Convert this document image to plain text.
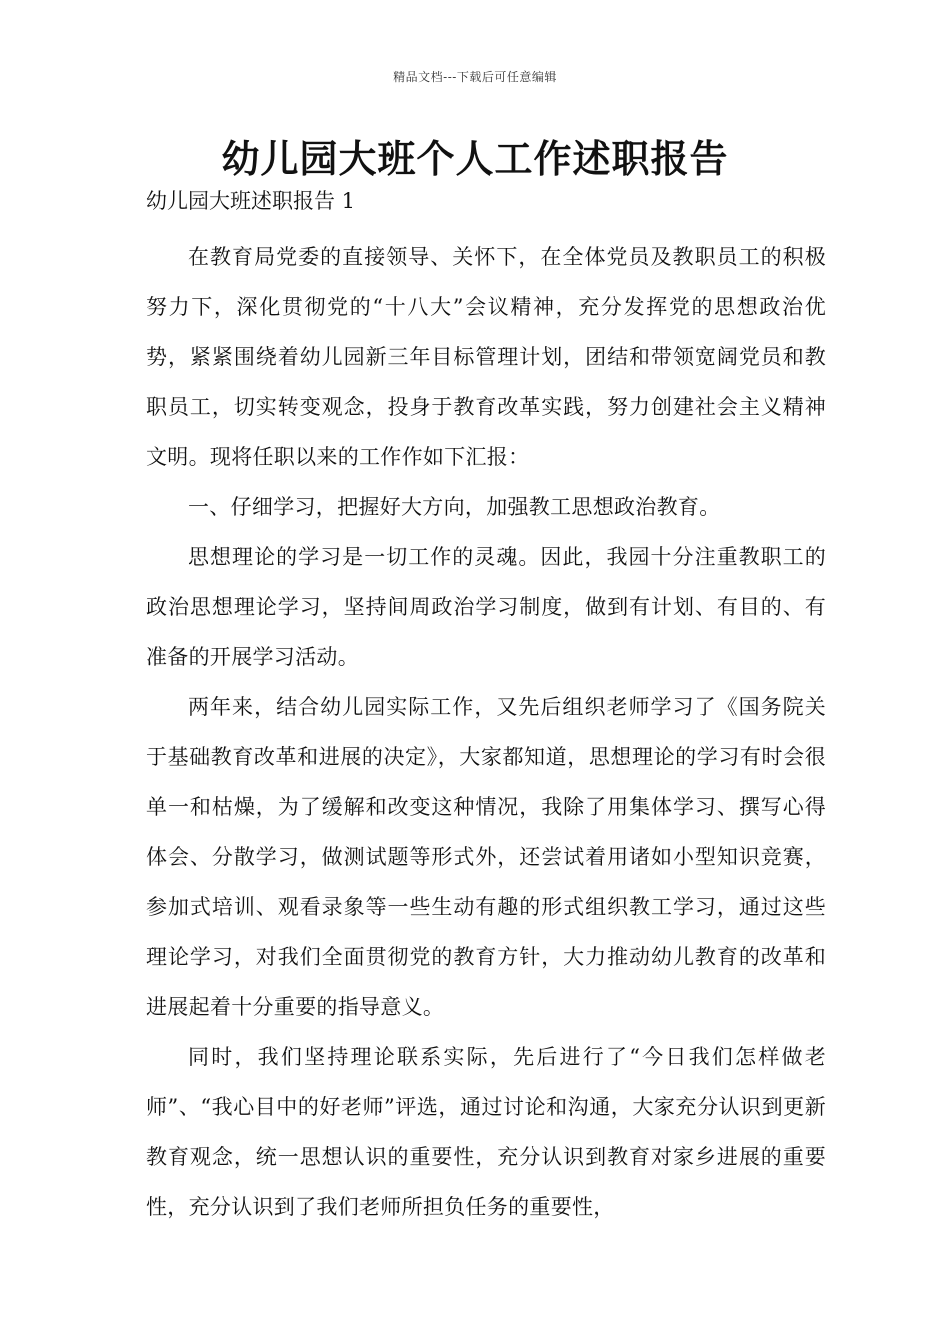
精品文档---下载后可任意编辑
幼儿园大班个人工作述职报告

幼儿园大班述职报告 1

在教育局党委的直接领导、关怀下，在全体党员及教职员工的积极努力下，深化贯彻党的“十八大”会议精神，充分发挥党的思想政治优势，紧紧围绕着幼儿园新三年目标管理计划，团结和带领宽阔党员和教职员工，切实转变观念，投身于教育改革实践，努力创建社会主义精神文明。现将任职以来的工作作如下汇报：

一、仔细学习，把握好大方向，加强教工思想政治教育。

思想理论的学习是一切工作的灵魂。因此，我园十分注重教职工的政治思想理论学习，坚持间周政治学习制度，做到有计划、有目的、有准备的开展学习活动。

两年来，结合幼儿园实际工作，又先后组织老师学习了《国务院关于基础教育改革和进展的决定》，大家都知道，思想理论的学习有时会很单一和枯燥，为了缓解和改变这种情况，我除了用集体学习、撰写心得体会、分散学习，做测试题等形式外，还尝试着用诸如小型知识竞赛，参加式培训、观看录象等一些生动有趣的形式组织教工学习，通过这些理论学习，对我们全面贯彻党的教育方针，大力推动幼儿教育的改革和进展起着十分重要的指导意义。

同时，我们坚持理论联系实际，先后进行了“今日我们怎样做老师”、“我心目中的好老师”评选，通过讨论和沟通，大家充分认识到更新教育观念，统一思想认识的重要性，充分认识到教育对家乡进展的重要性，充分认识到了我们老师所担负任务的重要性，
